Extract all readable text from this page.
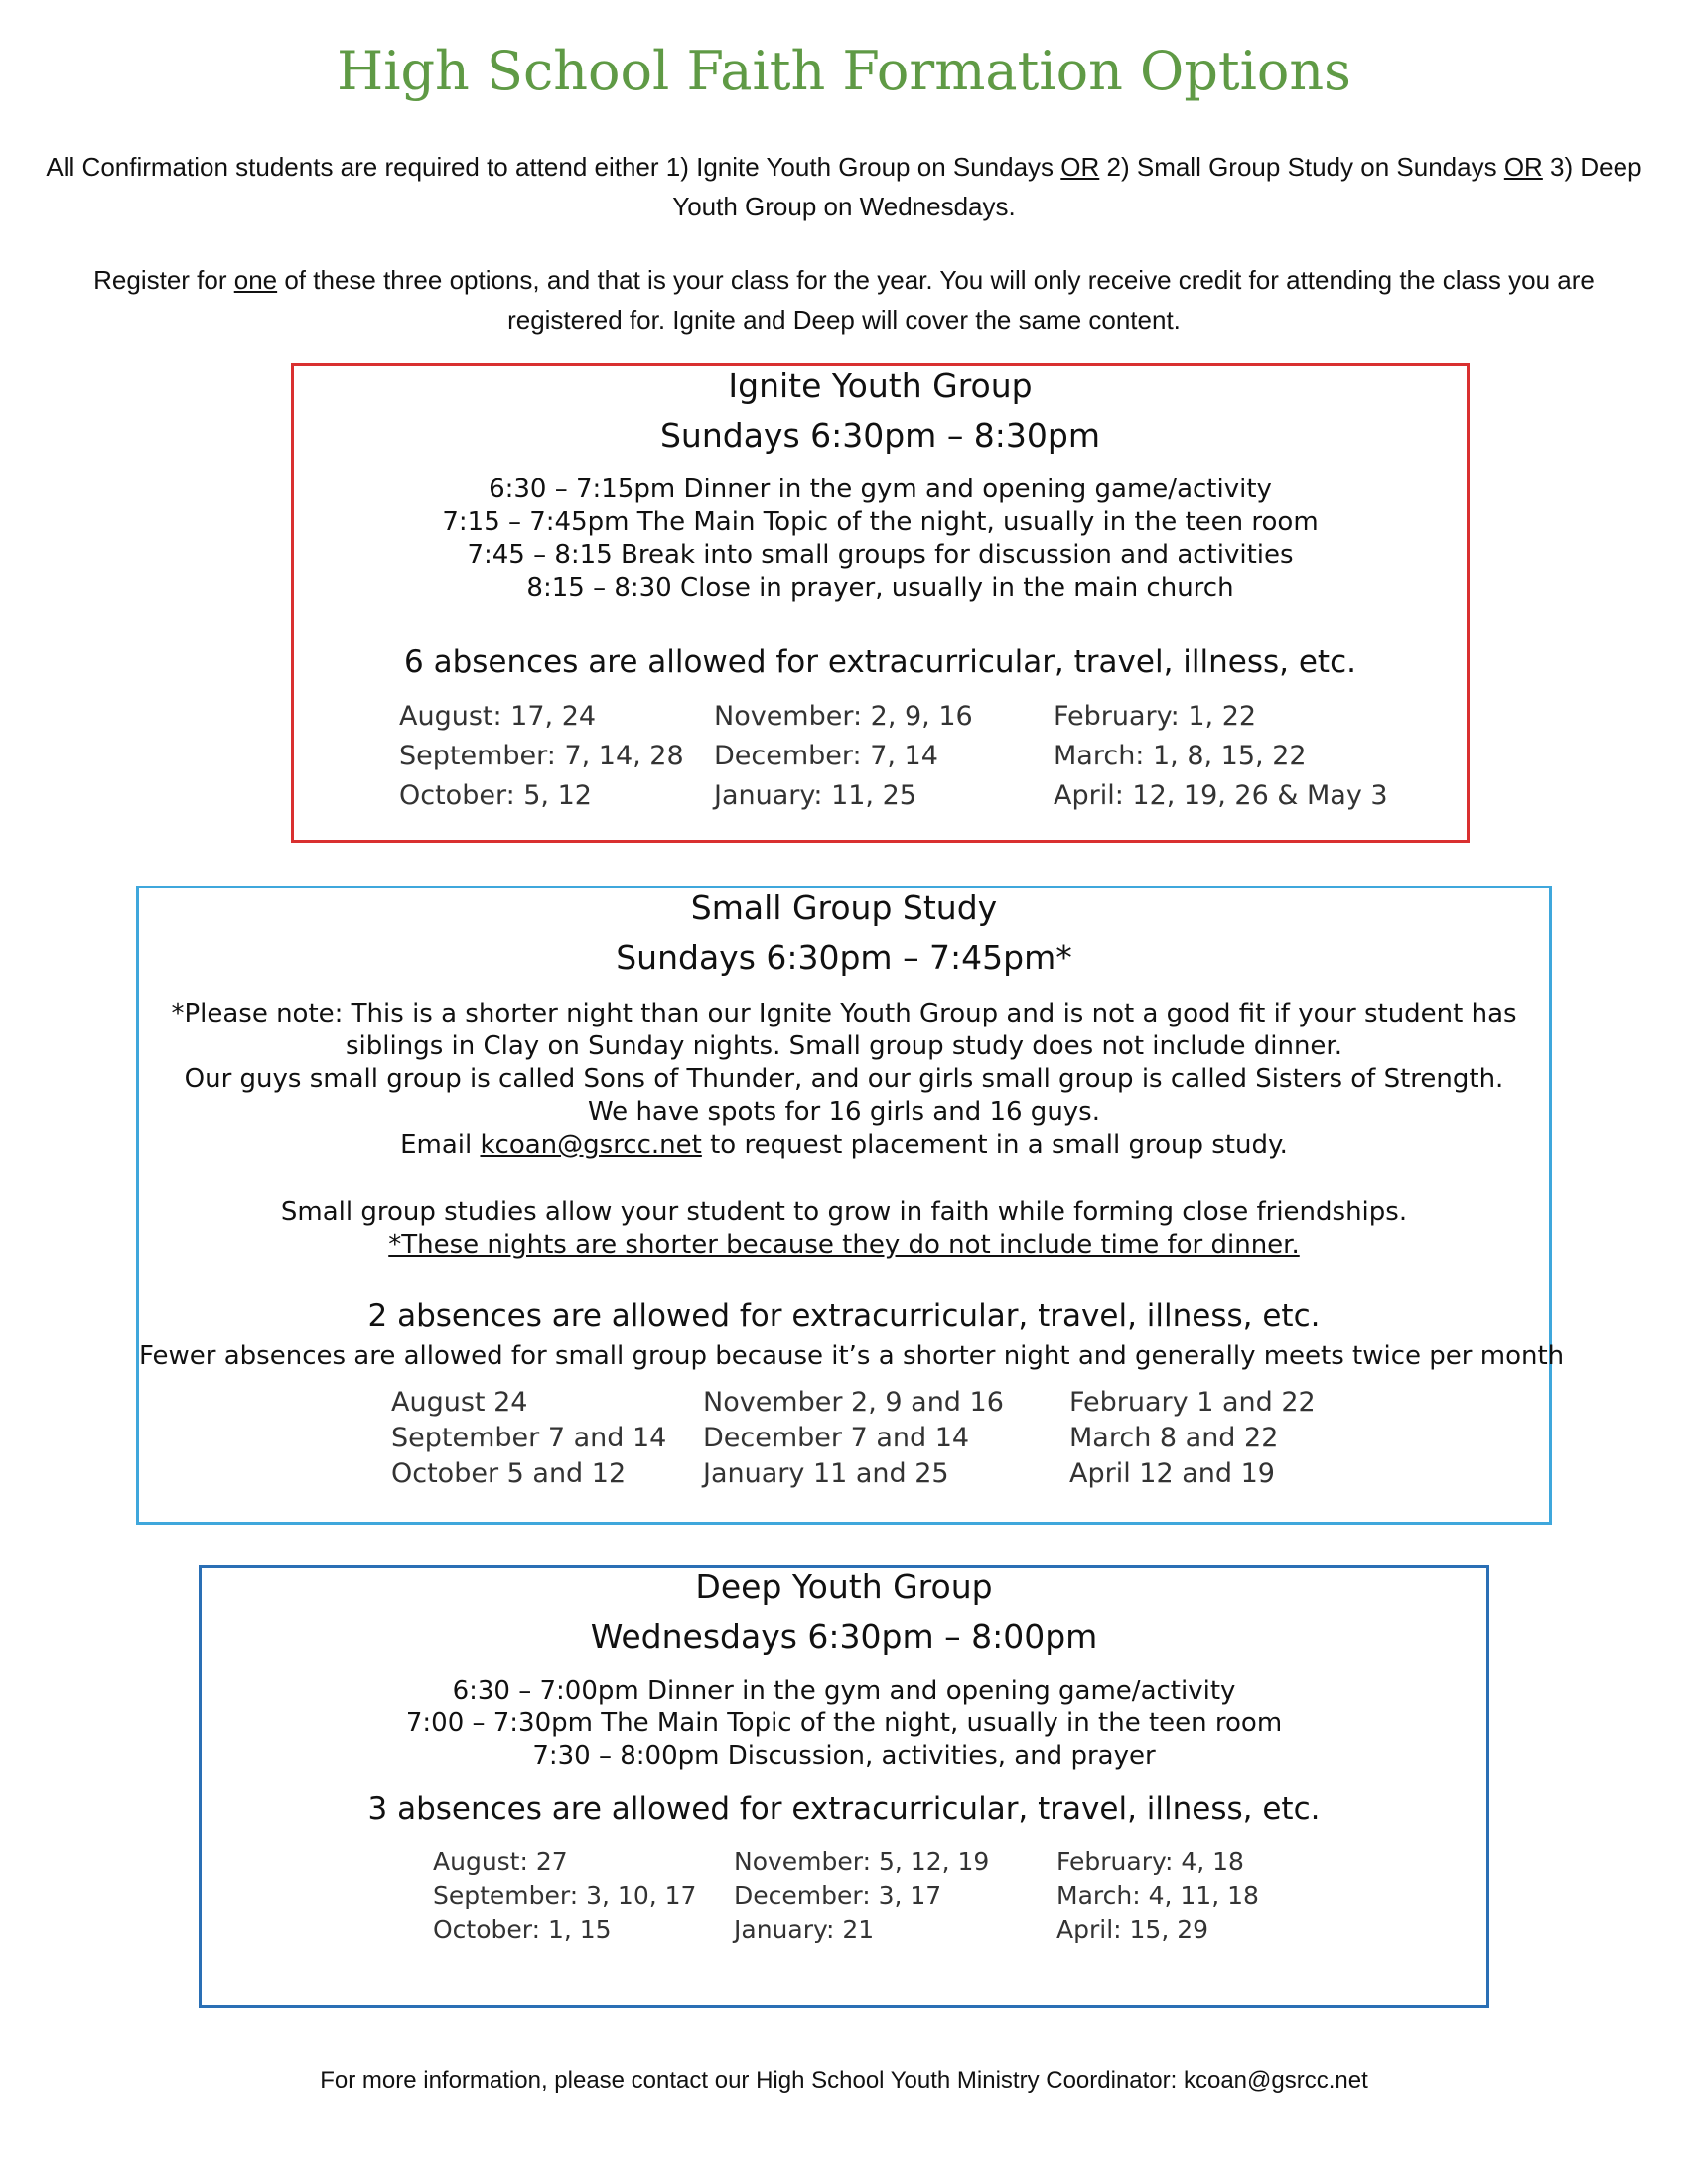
High School Faith Formation Options
All Confirmation students are required to attend either 1) Ignite Youth Group on Sundays OR 2) Small Group Study on Sundays OR 3) Deep Youth Group on Wednesdays.
Register for one of these three options, and that is your class for the year. You will only receive credit for attending the class you are registered for. Ignite and Deep will cover the same content.
Ignite Youth Group
Sundays 6:30pm – 8:30pm
6:30 – 7:15pm Dinner in the gym and opening game/activity
7:15 – 7:45pm The Main Topic of the night, usually in the teen room
7:45 – 8:15 Break into small groups for discussion and activities
8:15 – 8:30 Close in prayer, usually in the main church
6 absences are allowed for extracurricular, travel, illness, etc.
August: 17, 24	November: 2, 9, 16	February: 1, 22
September: 7, 14, 28	December: 7, 14	March: 1, 8, 15, 22
October: 5, 12	January: 11, 25	April: 12, 19, 26 & May 3
Small Group Study
Sundays 6:30pm – 7:45pm*
*Please note: This is a shorter night than our Ignite Youth Group and is not a good fit if your student has
siblings in Clay on Sunday nights. Small group study does not include dinner.
Our guys small group is called Sons of Thunder, and our girls small group is called Sisters of Strength.
We have spots for 16 girls and 16 guys.
Email kcoan@gsrcc.net to request placement in a small group study.
Small group studies allow your student to grow in faith while forming close friendships.
*These nights are shorter because they do not include time for dinner.
2 absences are allowed for extracurricular, travel, illness, etc.
Fewer absences are allowed for small group because it’s a shorter night and generally meets twice per month
August 24	November 2, 9 and 16	February 1 and 22
September 7 and 14	December 7 and 14	March 8 and 22
October 5 and 12	January 11 and 25	April 12 and 19
Deep Youth Group
Wednesdays 6:30pm – 8:00pm
6:30 – 7:00pm Dinner in the gym and opening game/activity
7:00 – 7:30pm The Main Topic of the night, usually in the teen room
7:30 – 8:00pm Discussion, activities, and prayer
3 absences are allowed for extracurricular, travel, illness, etc.
August: 27	November: 5, 12, 19	February: 4, 18
September: 3, 10, 17	December: 3, 17	March: 4, 11, 18
October: 1, 15	January: 21	April: 15, 29
For more information, please contact our High School Youth Ministry Coordinator: kcoan@gsrcc.net
